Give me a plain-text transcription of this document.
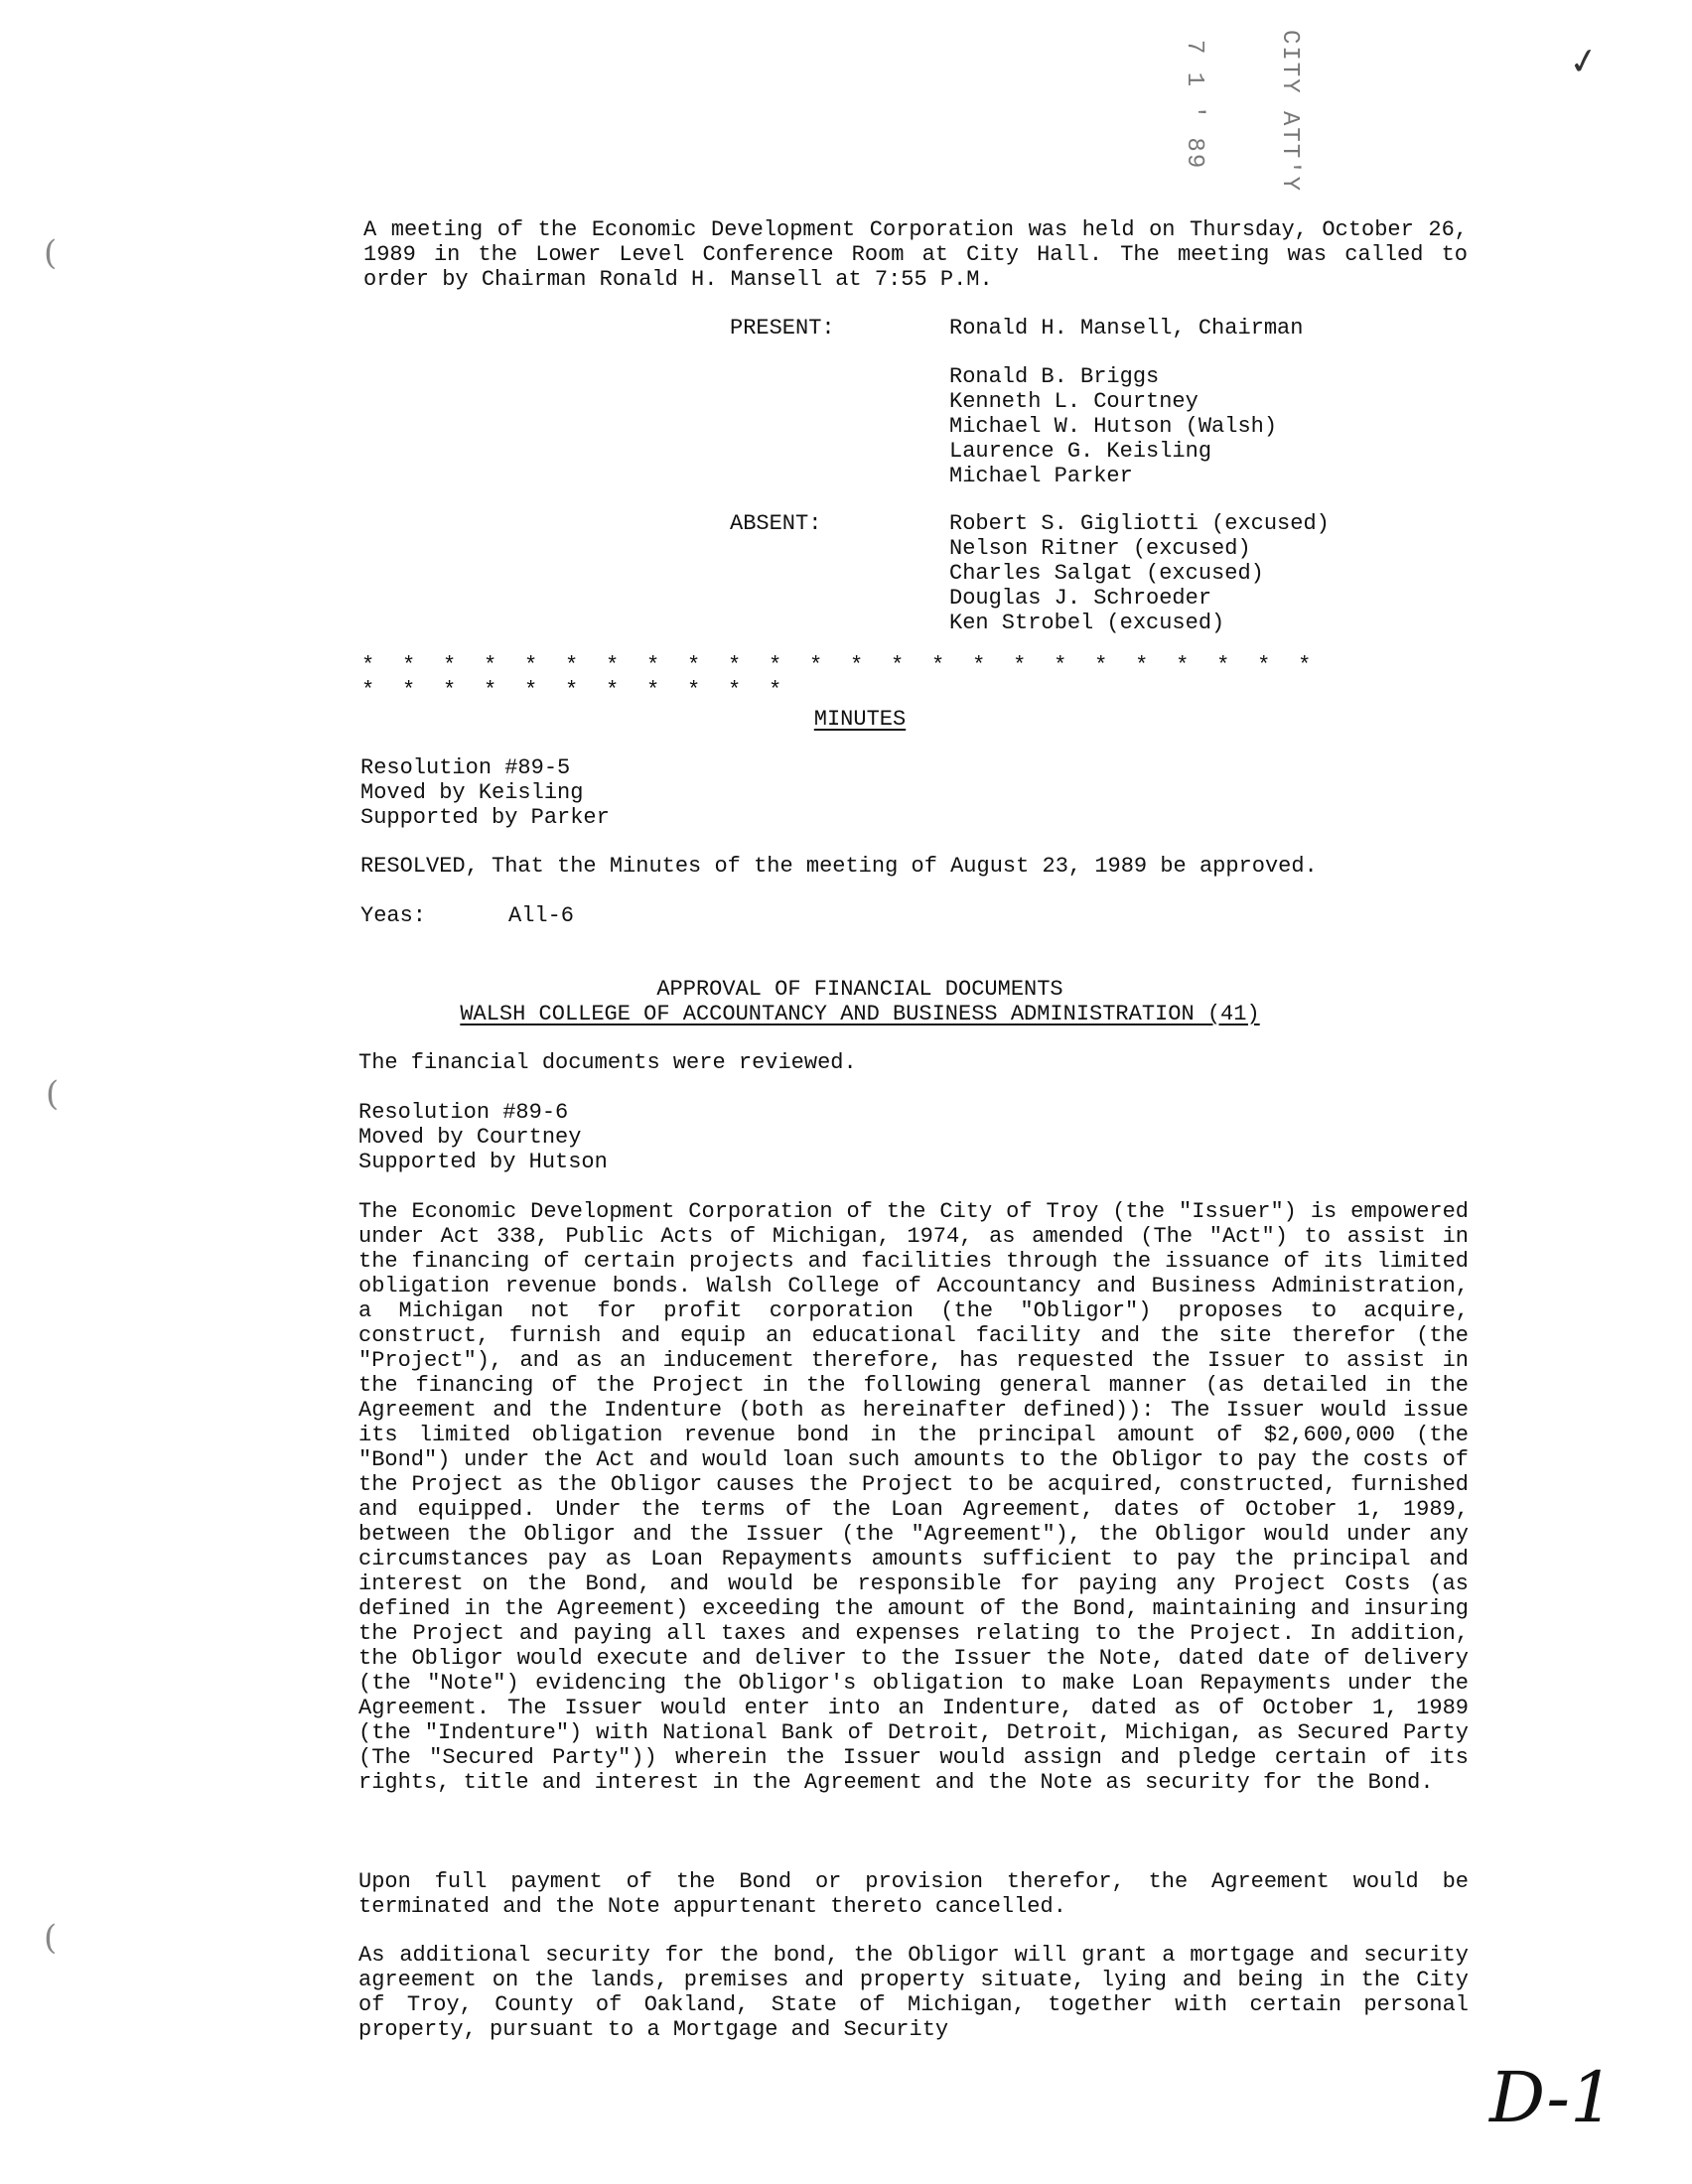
CITY ATT'Y
7 1 ' 89	✓
(
(
(
A meeting of the Economic Development Corporation was held on Thursday, October 26, 1989 in the Lower Level Conference Room at City Hall. The meeting was called to order by Chairman Ronald H. Mansell at 7:55 P.M.
PRESENT:	Ronald H. Mansell, Chairman
Ronald B. Briggs
Kenneth L. Courtney
Michael W. Hutson (Walsh)
Laurence G. Keisling
Michael Parker
ABSENT:	Robert S. Gigliotti (excused)
Nelson Ritner (excused)
Charles Salgat (excused)
Douglas J. Schroeder
Ken Strobel (excused)
* * * * * * * * * * * * * * * * * * * * * * * * * * * * * * * * * * *
MINUTES
Resolution #89-5
Moved by Keisling
Supported by Parker
RESOLVED, That the Minutes of the meeting of August 23, 1989 be approved.
Yeas:	All-6
APPROVAL OF FINANCIAL DOCUMENTS
WALSH COLLEGE OF ACCOUNTANCY AND BUSINESS ADMINISTRATION (41)
The financial documents were reviewed.
Resolution #89-6
Moved by Courtney
Supported by Hutson
The Economic Development Corporation of the City of Troy (the "Issuer") is empowered under Act 338, Public Acts of Michigan, 1974, as amended (The "Act") to assist in the financing of certain projects and facilities through the issuance of its limited obligation revenue bonds. Walsh College of Accountancy and Business Administration, a Michigan not for profit corporation (the "Obligor") proposes to acquire, construct, furnish and equip an educational facility and the site therefor (the "Project"), and as an inducement therefore, has requested the Issuer to assist in the financing of the Project in the following general manner (as detailed in the Agreement and the Indenture (both as hereinafter defined)): The Issuer would issue its limited obligation revenue bond in the principal amount of $2,600,000 (the "Bond") under the Act and would loan such amounts to the Obligor to pay the costs of the Project as the Obligor causes the Project to be acquired, constructed, furnished and equipped. Under the terms of the Loan Agreement, dates of October 1, 1989, between the Obligor and the Issuer (the "Agreement"), the Obligor would under any circumstances pay as Loan Repayments amounts sufficient to pay the principal and interest on the Bond, and would be responsible for paying any Project Costs (as defined in the Agreement) exceeding the amount of the Bond, maintaining and insuring the Project and paying all taxes and expenses relating to the Project. In addition, the Obligor would execute and deliver to the Issuer the Note, dated date of delivery (the "Note") evidencing the Obligor's obligation to make Loan Repayments under the Agreement. The Issuer would enter into an Indenture, dated as of October 1, 1989 (the "Indenture") with National Bank of Detroit, Detroit, Michigan, as Secured Party (The "Secured Party")) wherein the Issuer would assign and pledge certain of its rights, title and interest in the Agreement and the Note as security for the Bond.
Upon full payment of the Bond or provision therefor, the Agreement would be terminated and the Note appurtenant thereto cancelled.
As additional security for the bond, the Obligor will grant a mortgage and security agreement on the lands, premises and property situate, lying and being in the City of Troy, County of Oakland, State of Michigan, together with certain personal property, pursuant to a Mortgage and Security
D-1
